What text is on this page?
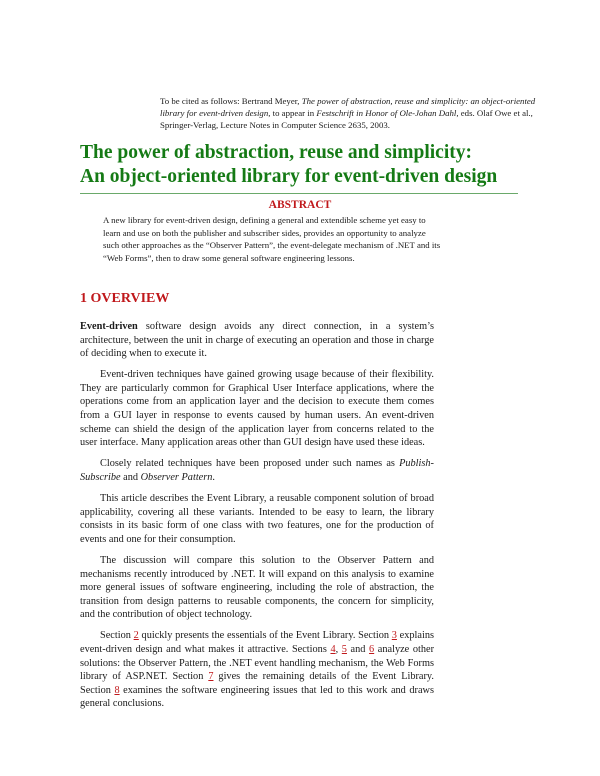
To be cited as follows: Bertrand Meyer, The power of abstraction, reuse and simplicity: an object-oriented library for event-driven design, to appear in Festschrift in Honor of Ole-Johan Dahl, eds. Olaf Owe et al., Springer-Verlag, Lecture Notes in Computer Science 2635, 2003.
The power of abstraction, reuse and simplicity:
An object-oriented library for event-driven design
ABSTRACT
A new library for event-driven design, defining a general and extendible scheme yet easy to learn and use on both the publisher and subscriber sides, provides an opportunity to analyze such other approaches as the “Observer Pattern”, the event-delegate mechanism of .NET and its “Web Forms”, then to draw some general software engineering lessons.
1 OVERVIEW

Event-driven software design avoids any direct connection, in a system’s architecture, between the unit in charge of executing an operation and those in charge of deciding when to execute it.

Event-driven techniques have gained growing usage because of their flexibility. They are particularly common for Graphical User Interface applications, where the operations come from an application layer and the decision to execute them comes from a GUI layer in response to events caused by human users. An event-driven scheme can shield the design of the application layer from concerns related to the user interface. Many application areas other than GUI design have used these ideas.

Closely related techniques have been proposed under such names as Publish-Subscribe and Observer Pattern.

This article describes the Event Library, a reusable component solution of broad applicability, covering all these variants. Intended to be easy to learn, the library consists in its basic form of one class with two features, one for the production of events and one for their consumption.

The discussion will compare this solution to the Observer Pattern and mechanisms recently introduced by .NET. It will expand on this analysis to examine more general issues of software engineering, including the role of abstraction, the transition from design patterns to reusable components, the concern for simplicity, and the contribution of object technology.

Section 2 quickly presents the essentials of the Event Library. Section 3 explains event-driven design and what makes it attractive. Sections 4, 5 and 6 analyze other solutions: the Observer Pattern, the .NET event handling mechanism, the Web Forms library of ASP.NET. Section 7 gives the remaining details of the Event Library. Section 8 examines the software engineering issues that led to this work and draws general conclusions.
